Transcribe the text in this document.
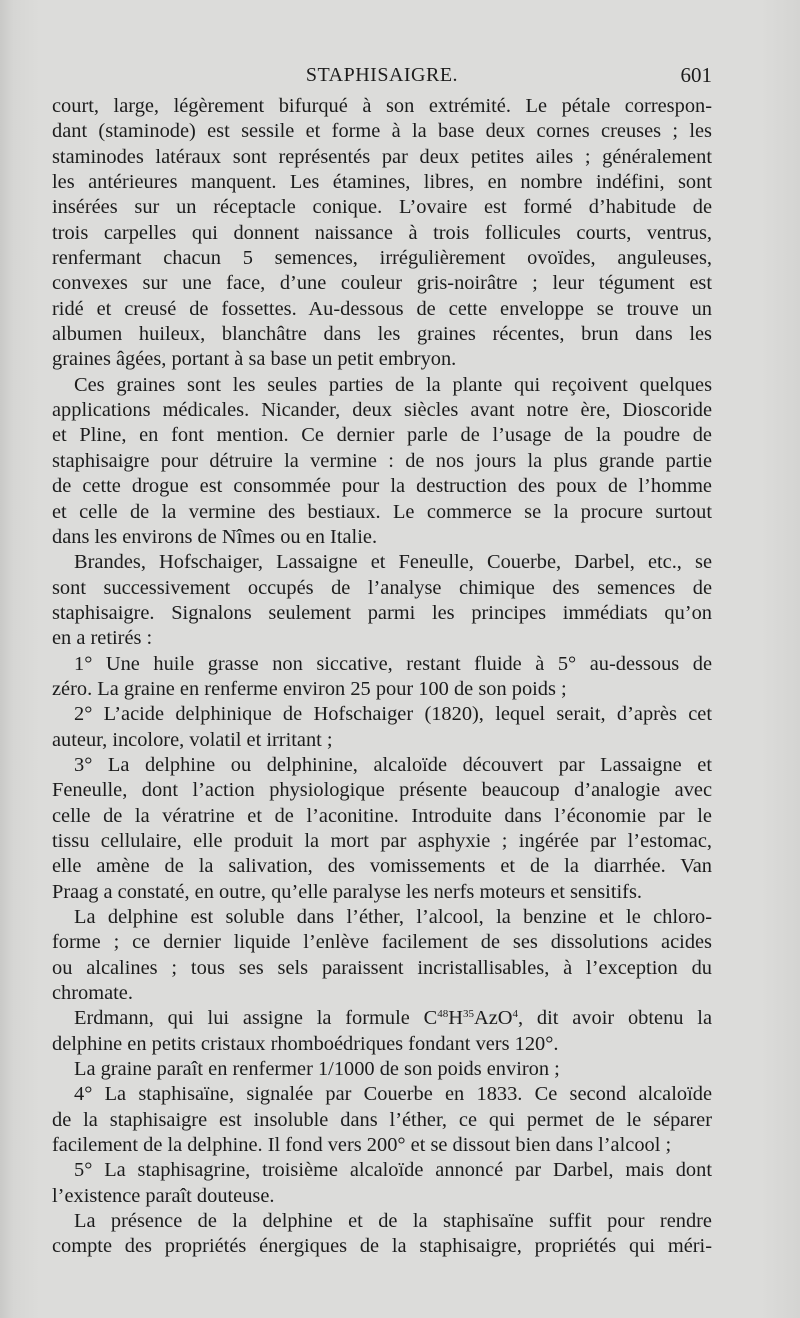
STAPHISAIGRE.	601

court, large, légèrement bifurqué à son extrémité. Le pétale correspon-

dant (staminode) est sessile et forme à la base deux cornes creuses ; les

staminodes latéraux sont représentés par deux petites ailes ; généralement

les antérieures manquent. Les étamines, libres, en nombre indéfini, sont

insérées sur un réceptacle conique. L’ovaire est formé d’habitude de

trois carpelles qui donnent naissance à trois follicules courts, ventrus,

renfermant chacun 5 semences, irrégulièrement ovoïdes, anguleuses,

convexes sur une face, d’une couleur gris-noirâtre ; leur tégument est

ridé et creusé de fossettes. Au-dessous de cette enveloppe se trouve un

albumen huileux, blanchâtre dans les graines récentes, brun dans les

graines âgées, portant à sa base un petit embryon.

Ces graines sont les seules parties de la plante qui reçoivent quelques

applications médicales. Nicander, deux siècles avant notre ère, Dioscoride

et Pline, en font mention. Ce dernier parle de l’usage de la poudre de

staphisaigre pour détruire la vermine : de nos jours la plus grande partie

de cette drogue est consommée pour la destruction des poux de l’homme

et celle de la vermine des bestiaux. Le commerce se la procure surtout

dans les environs de Nîmes ou en Italie.

Brandes, Hofschaiger, Lassaigne et Feneulle, Couerbe, Darbel, etc., se

sont successivement occupés de l’analyse chimique des semences de

staphisaigre. Signalons seulement parmi les principes immédiats qu’on

en a retirés :

1° Une huile grasse non siccative, restant fluide à 5° au-dessous de

zéro. La graine en renferme environ 25 pour 100 de son poids ;

2° L’acide delphinique de Hofschaiger (1820), lequel serait, d’après cet

auteur, incolore, volatil et irritant ;

3° La delphine ou delphinine, alcaloïde découvert par Lassaigne et

Feneulle, dont l’action physiologique présente beaucoup d’analogie avec

celle de la vératrine et de l’aconitine. Introduite dans l’économie par le

tissu cellulaire, elle produit la mort par asphyxie ; ingérée par l’estomac,

elle amène de la salivation, des vomissements et de la diarrhée. Van

Praag a constaté, en outre, qu’elle paralyse les nerfs moteurs et sensitifs.

La delphine est soluble dans l’éther, l’alcool, la benzine et le chloro-

forme ; ce dernier liquide l’enlève facilement de ses dissolutions acides

ou alcalines ; tous ses sels paraissent incristallisables, à l’exception du

chromate.

Erdmann, qui lui assigne la formule $C^{48}H^{35}AzO^4$, dit avoir obtenu la

delphine en petits cristaux rhomboédriques fondant vers 120°.

La graine paraît en renfermer 1/1000 de son poids environ ;

4° La staphisaïne, signalée par Couerbe en 1833. Ce second alcaloïde

de la staphisaigre est insoluble dans l’éther, ce qui permet de le séparer

facilement de la delphine. Il fond vers 200° et se dissout bien dans l’alcool ;

5° La staphisagrine, troisième alcaloïde annoncé par Darbel, mais dont

l’existence paraît douteuse.

La présence de la delphine et de la staphisaïne suffit pour rendre

compte des propriétés énergiques de la staphisaigre, propriétés qui méri-
